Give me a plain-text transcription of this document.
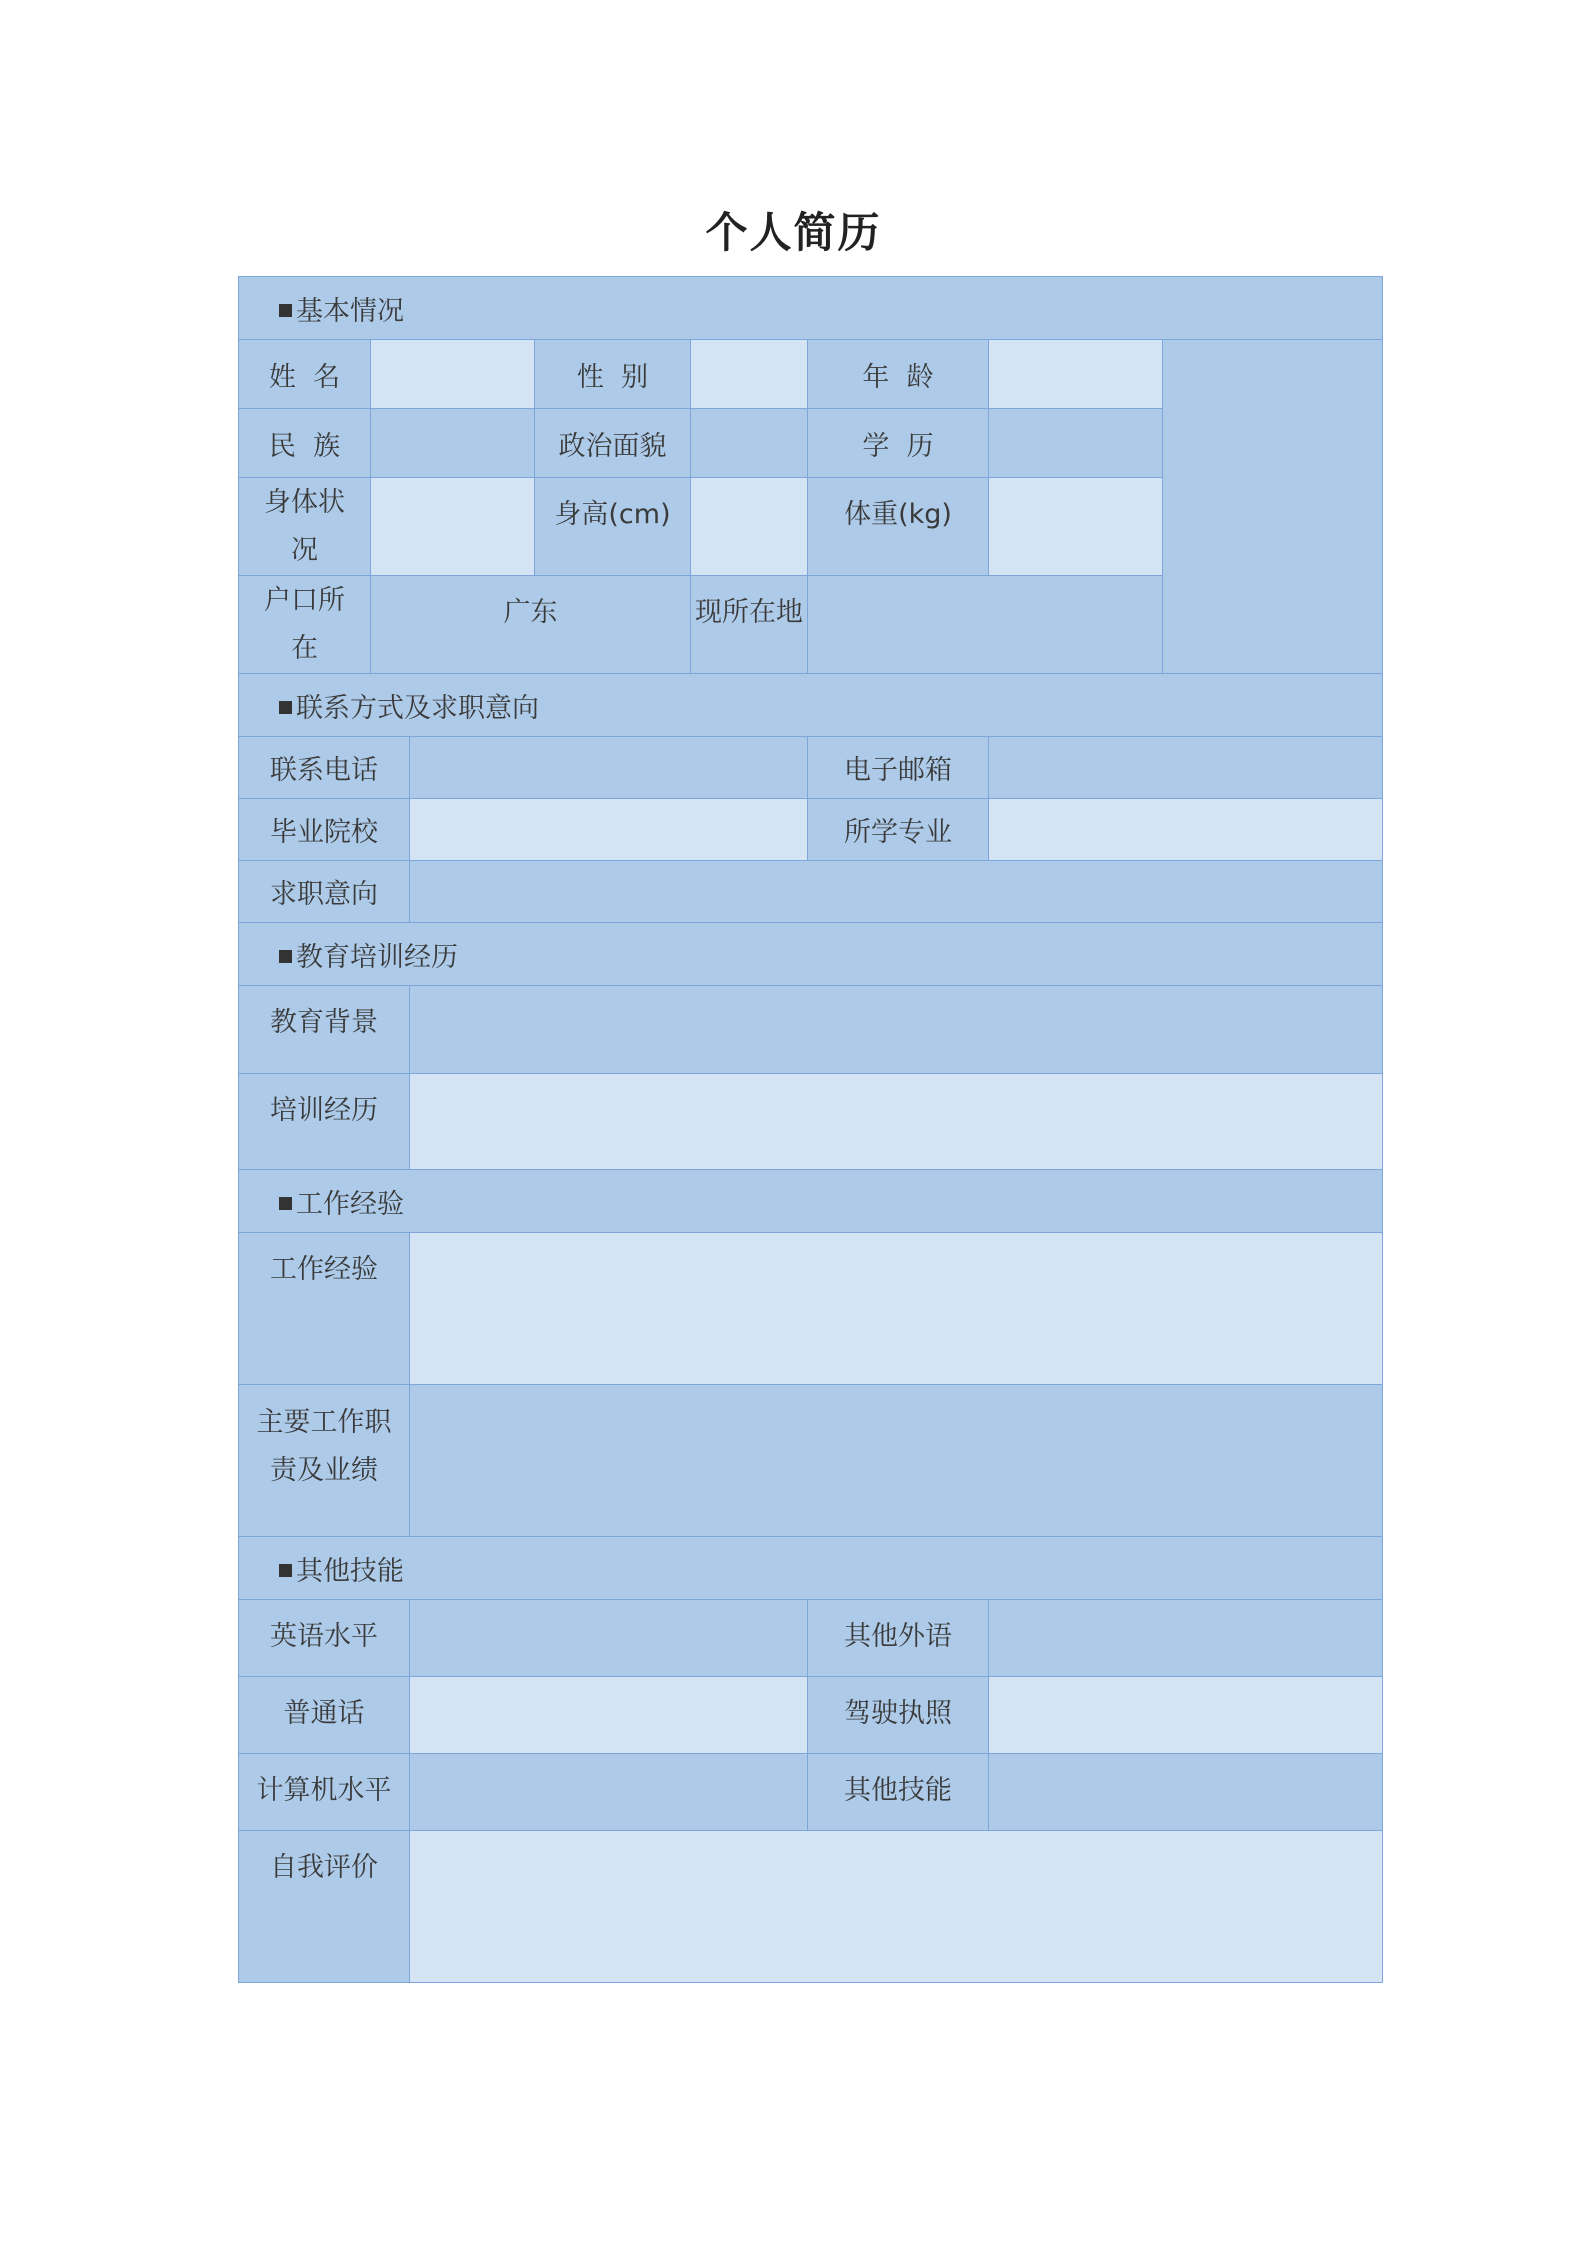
个人简历
基本情况							
姓  名			性  别		年  龄		
民  族			政治面貌		学  历		
身体状
况			身高(cm)		体重(kg)		
户口所
在	广东			现所在地			
联系方式及求职意向							
联系电话					电子邮箱		
毕业院校					所学专业		
求职意向							
教育培训经历							
教育背景							
培训经历							
工作经验							
工作经验							
主要工作职
责及业绩							
其他技能							
英语水平					其他外语		
普通话					驾驶执照		
计算机水平					其他技能		
自我评价							
